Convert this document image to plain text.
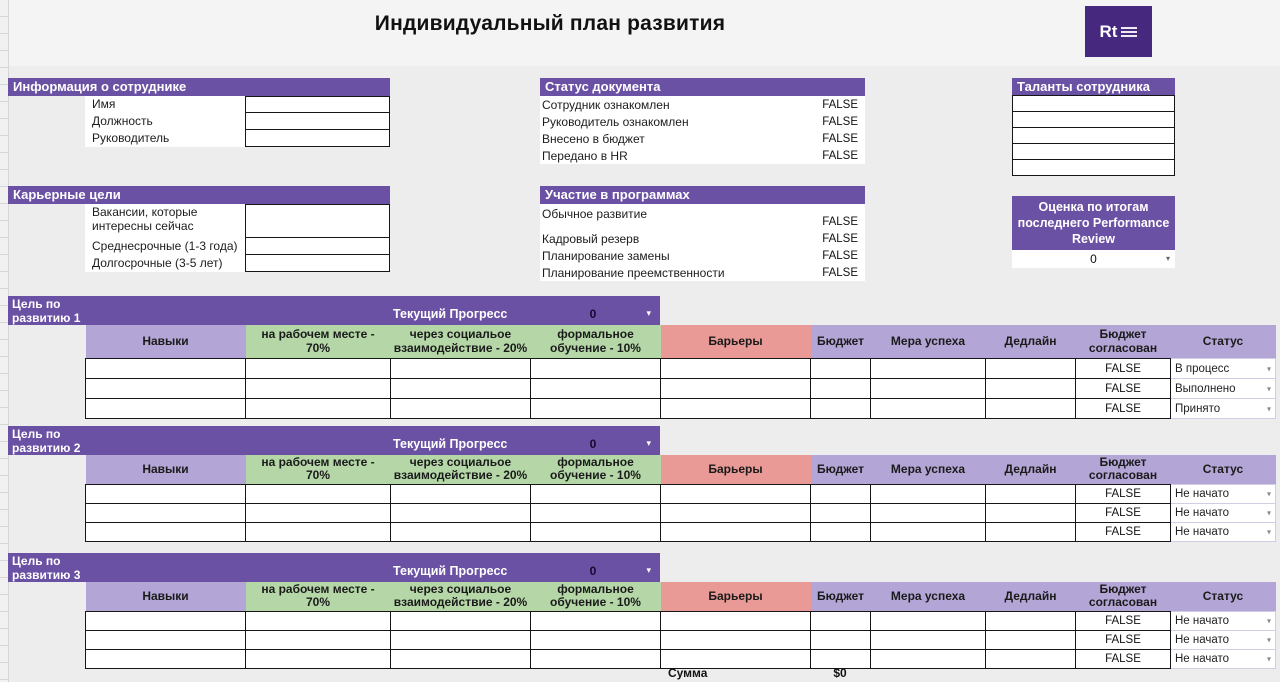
Индивидуальный план развития	Rt
Информация о сотруднике
Имя
Должность
Руководитель
Статус документа
Сотрудник ознакомлен	FALSE
Руководитель ознакомлен	FALSE
Внесено в бюджет	FALSE
Передано в HR	FALSE
Таланты сотрудника
Карьерные цели
Вакансии, которые интересны сейчас
Среднесрочные (1-3 года)
Долгосрочные (3-5 лет)
Участие в программах
Обычное развитие
FALSE
Кадровый резерв	FALSE
Планирование замены	FALSE
Планирование преемственности	FALSE
Оценка по итогам последнего Performance Review
0	▾
Цель по развитию 1	Текущий Прогресс	0	▾
Навыки	на рабочем месте - 70%	через социальое взаимодействие - 20%	формальное обучение - 10%	Барьеры	Бюджет	Мера успеха	Дедлайн	Бюджет согласован	Статус
								FALSE	В процесс ▾

								FALSE	Выполнено ▾

								FALSE	Принято ▾
Цель по развитию 2	Текущий Прогресс	0	▾
Навыки	на рабочем месте - 70%	через социальое взаимодействие - 20%	формальное обучение - 10%	Барьеры	Бюджет	Мера успеха	Дедлайн	Бюджет согласован	Статус
								FALSE	Не начато ▾

								FALSE	Не начато ▾

								FALSE	Не начато ▾
Цель по развитию 3	Текущий Прогресс	0	▾
Навыки	на рабочем месте - 70%	через социальое взаимодействие - 20%	формальное обучение - 10%	Барьеры	Бюджет	Мера успеха	Дедлайн	Бюджет согласован	Статус
								FALSE	Не начато ▾

								FALSE	Не начато ▾

								FALSE	Не начато ▾
Сумма	$0
